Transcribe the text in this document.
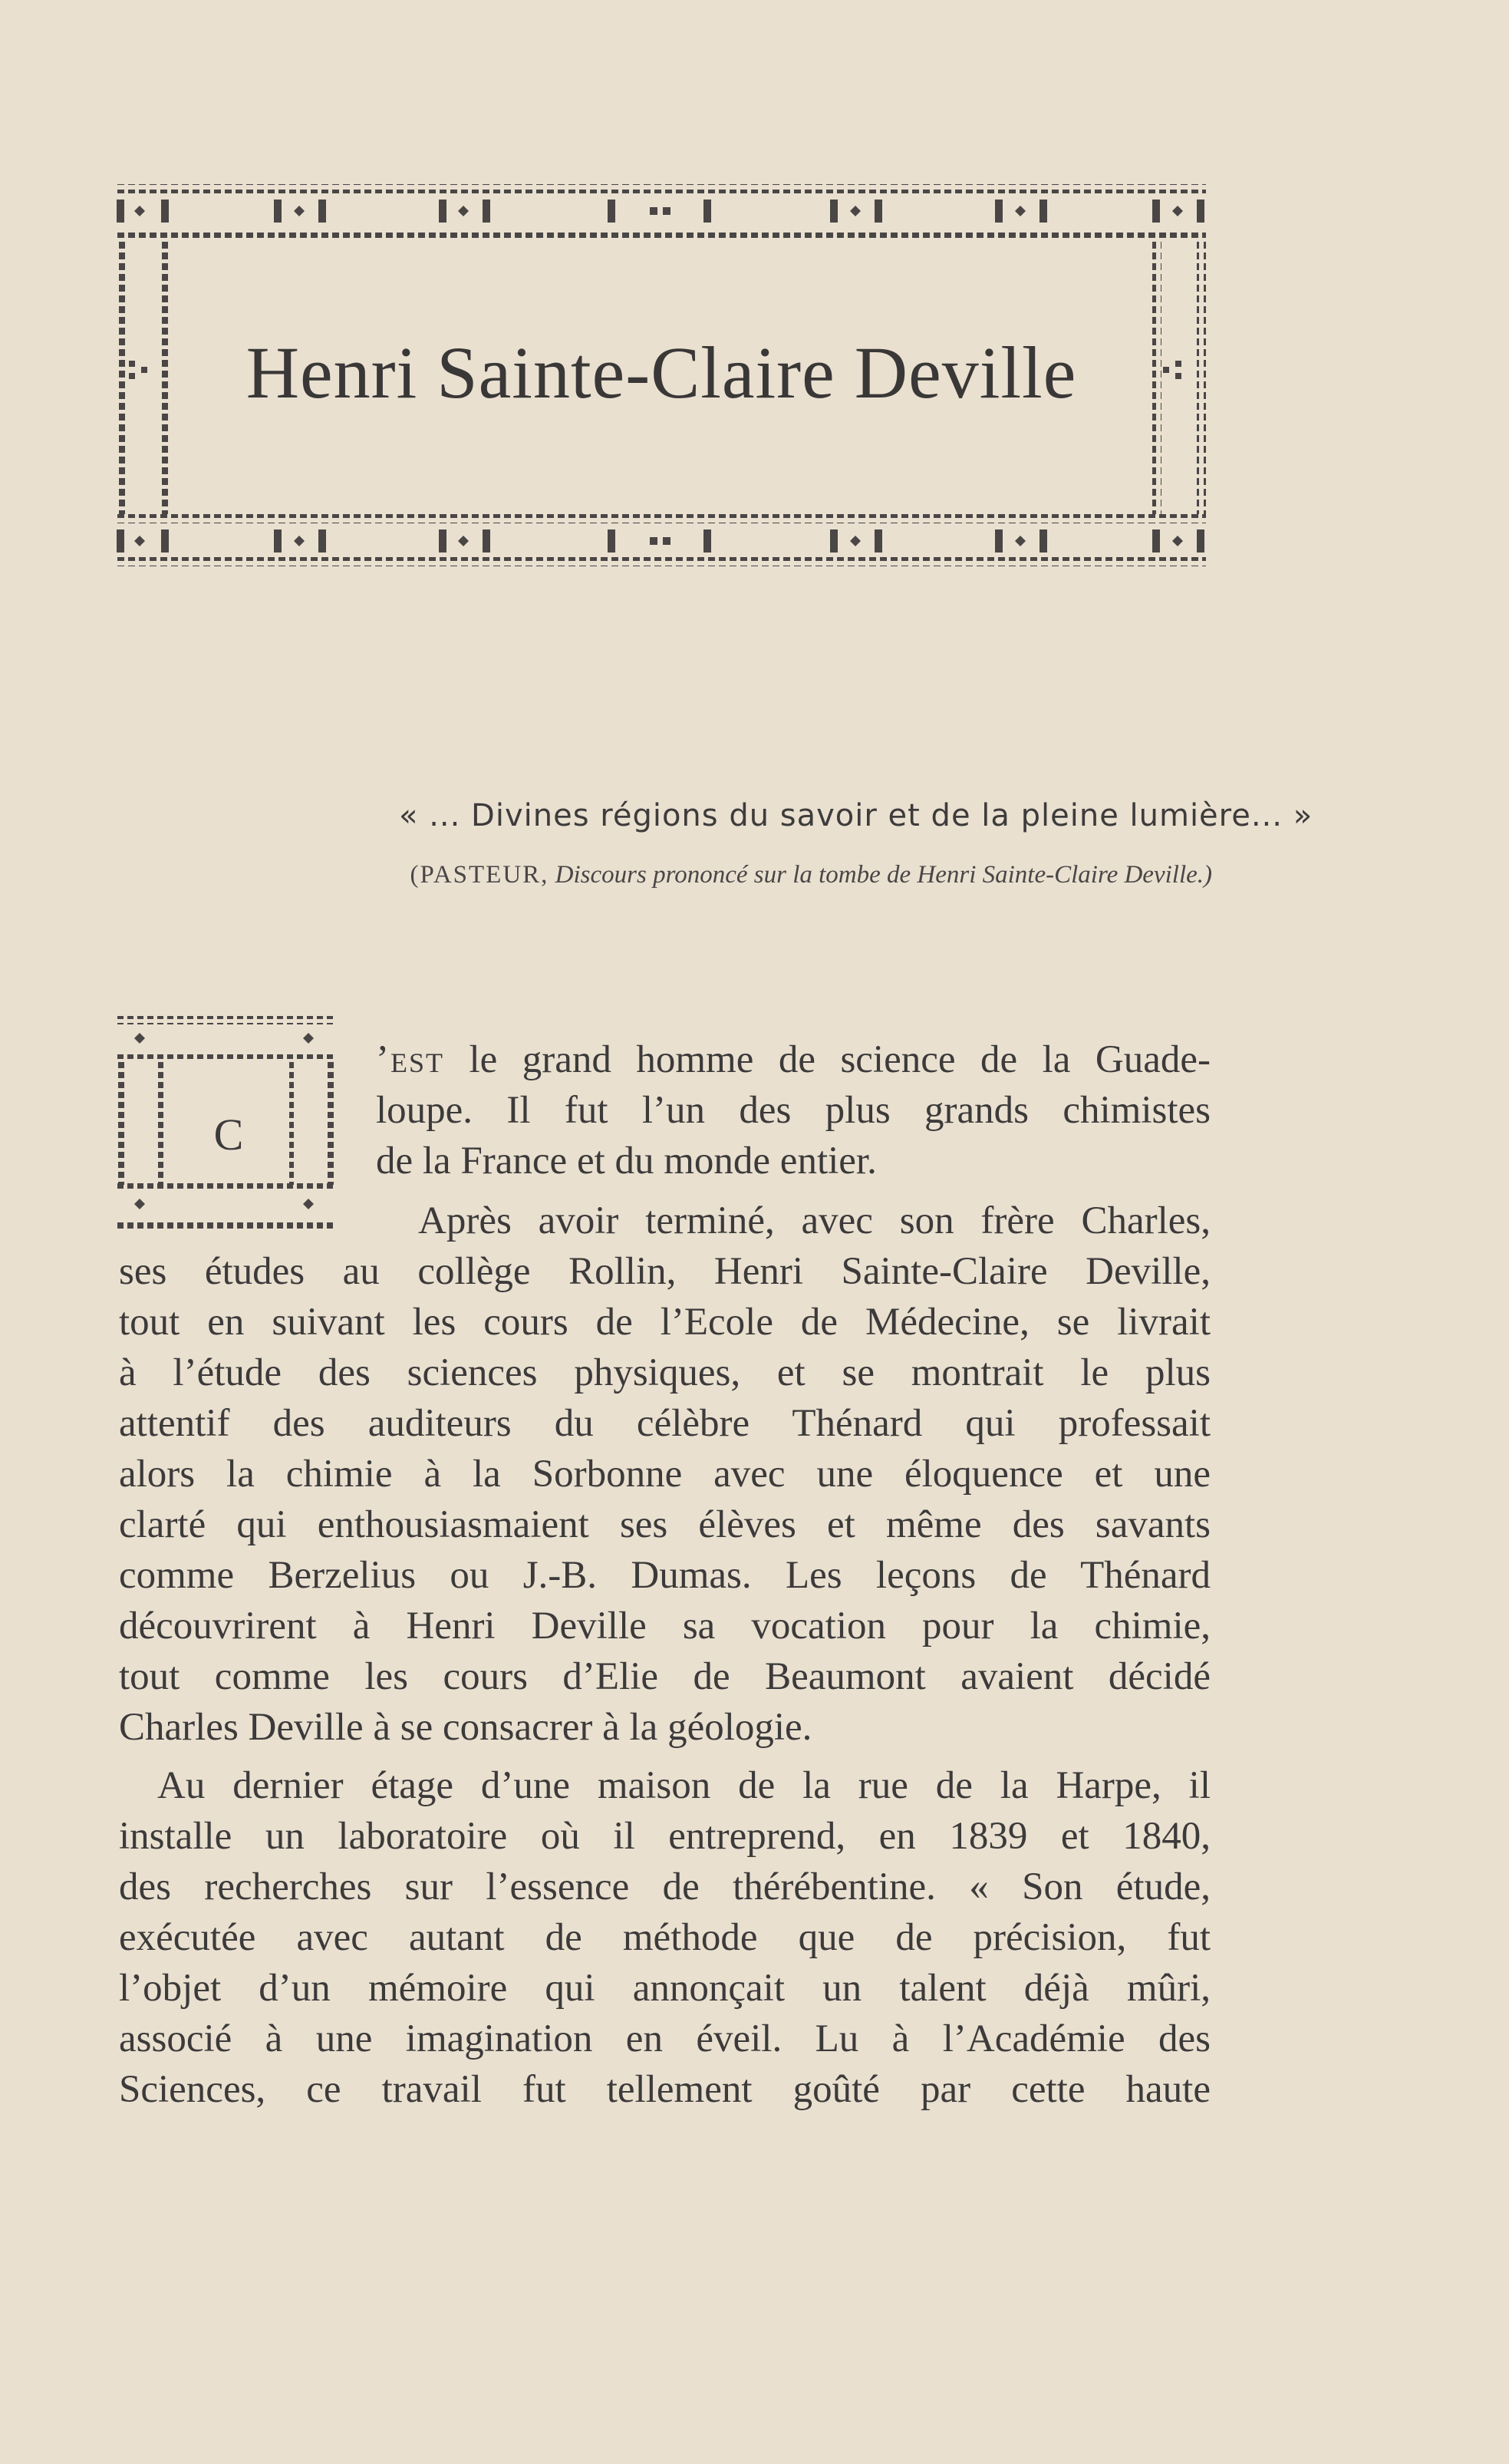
Henri Sainte-Claire Deville
« ... Divines régions du savoir et de la pleine lumière... »
(PASTEUR, Discours prononcé sur la tombe de Henri Sainte-Claire Deville.)
C
’est le grand homme de science de la Guade-
loupe. Il fut l’un des plus grands chimistes
de la France et du monde entier.
Après avoir terminé, avec son frère Charles,
ses études au collège Rollin, Henri Sainte-Claire Deville,
tout en suivant les cours de l’Ecole de Médecine, se livrait
à l’étude des sciences physiques, et se montrait le plus
attentif des auditeurs du célèbre Thénard qui professait
alors la chimie à la Sorbonne avec une éloquence et une
clarté qui enthousiasmaient ses élèves et même des savants
comme Berzelius ou J.-B. Dumas. Les leçons de Thénard
découvrirent à Henri Deville sa vocation pour la chimie,
tout comme les cours d’Elie de Beaumont avaient décidé
Charles Deville à se consacrer à la géologie.
Au dernier étage d’une maison de la rue de la Harpe, il
installe un laboratoire où il entreprend, en 1839 et 1840,
des recherches sur l’essence de thérébentine. « Son étude,
exécutée avec autant de méthode que de précision, fut
l’objet d’un mémoire qui annonçait un talent déjà mûri,
associé à une imagination en éveil. Lu à l’Académie des
Sciences, ce travail fut tellement goûté par cette haute
